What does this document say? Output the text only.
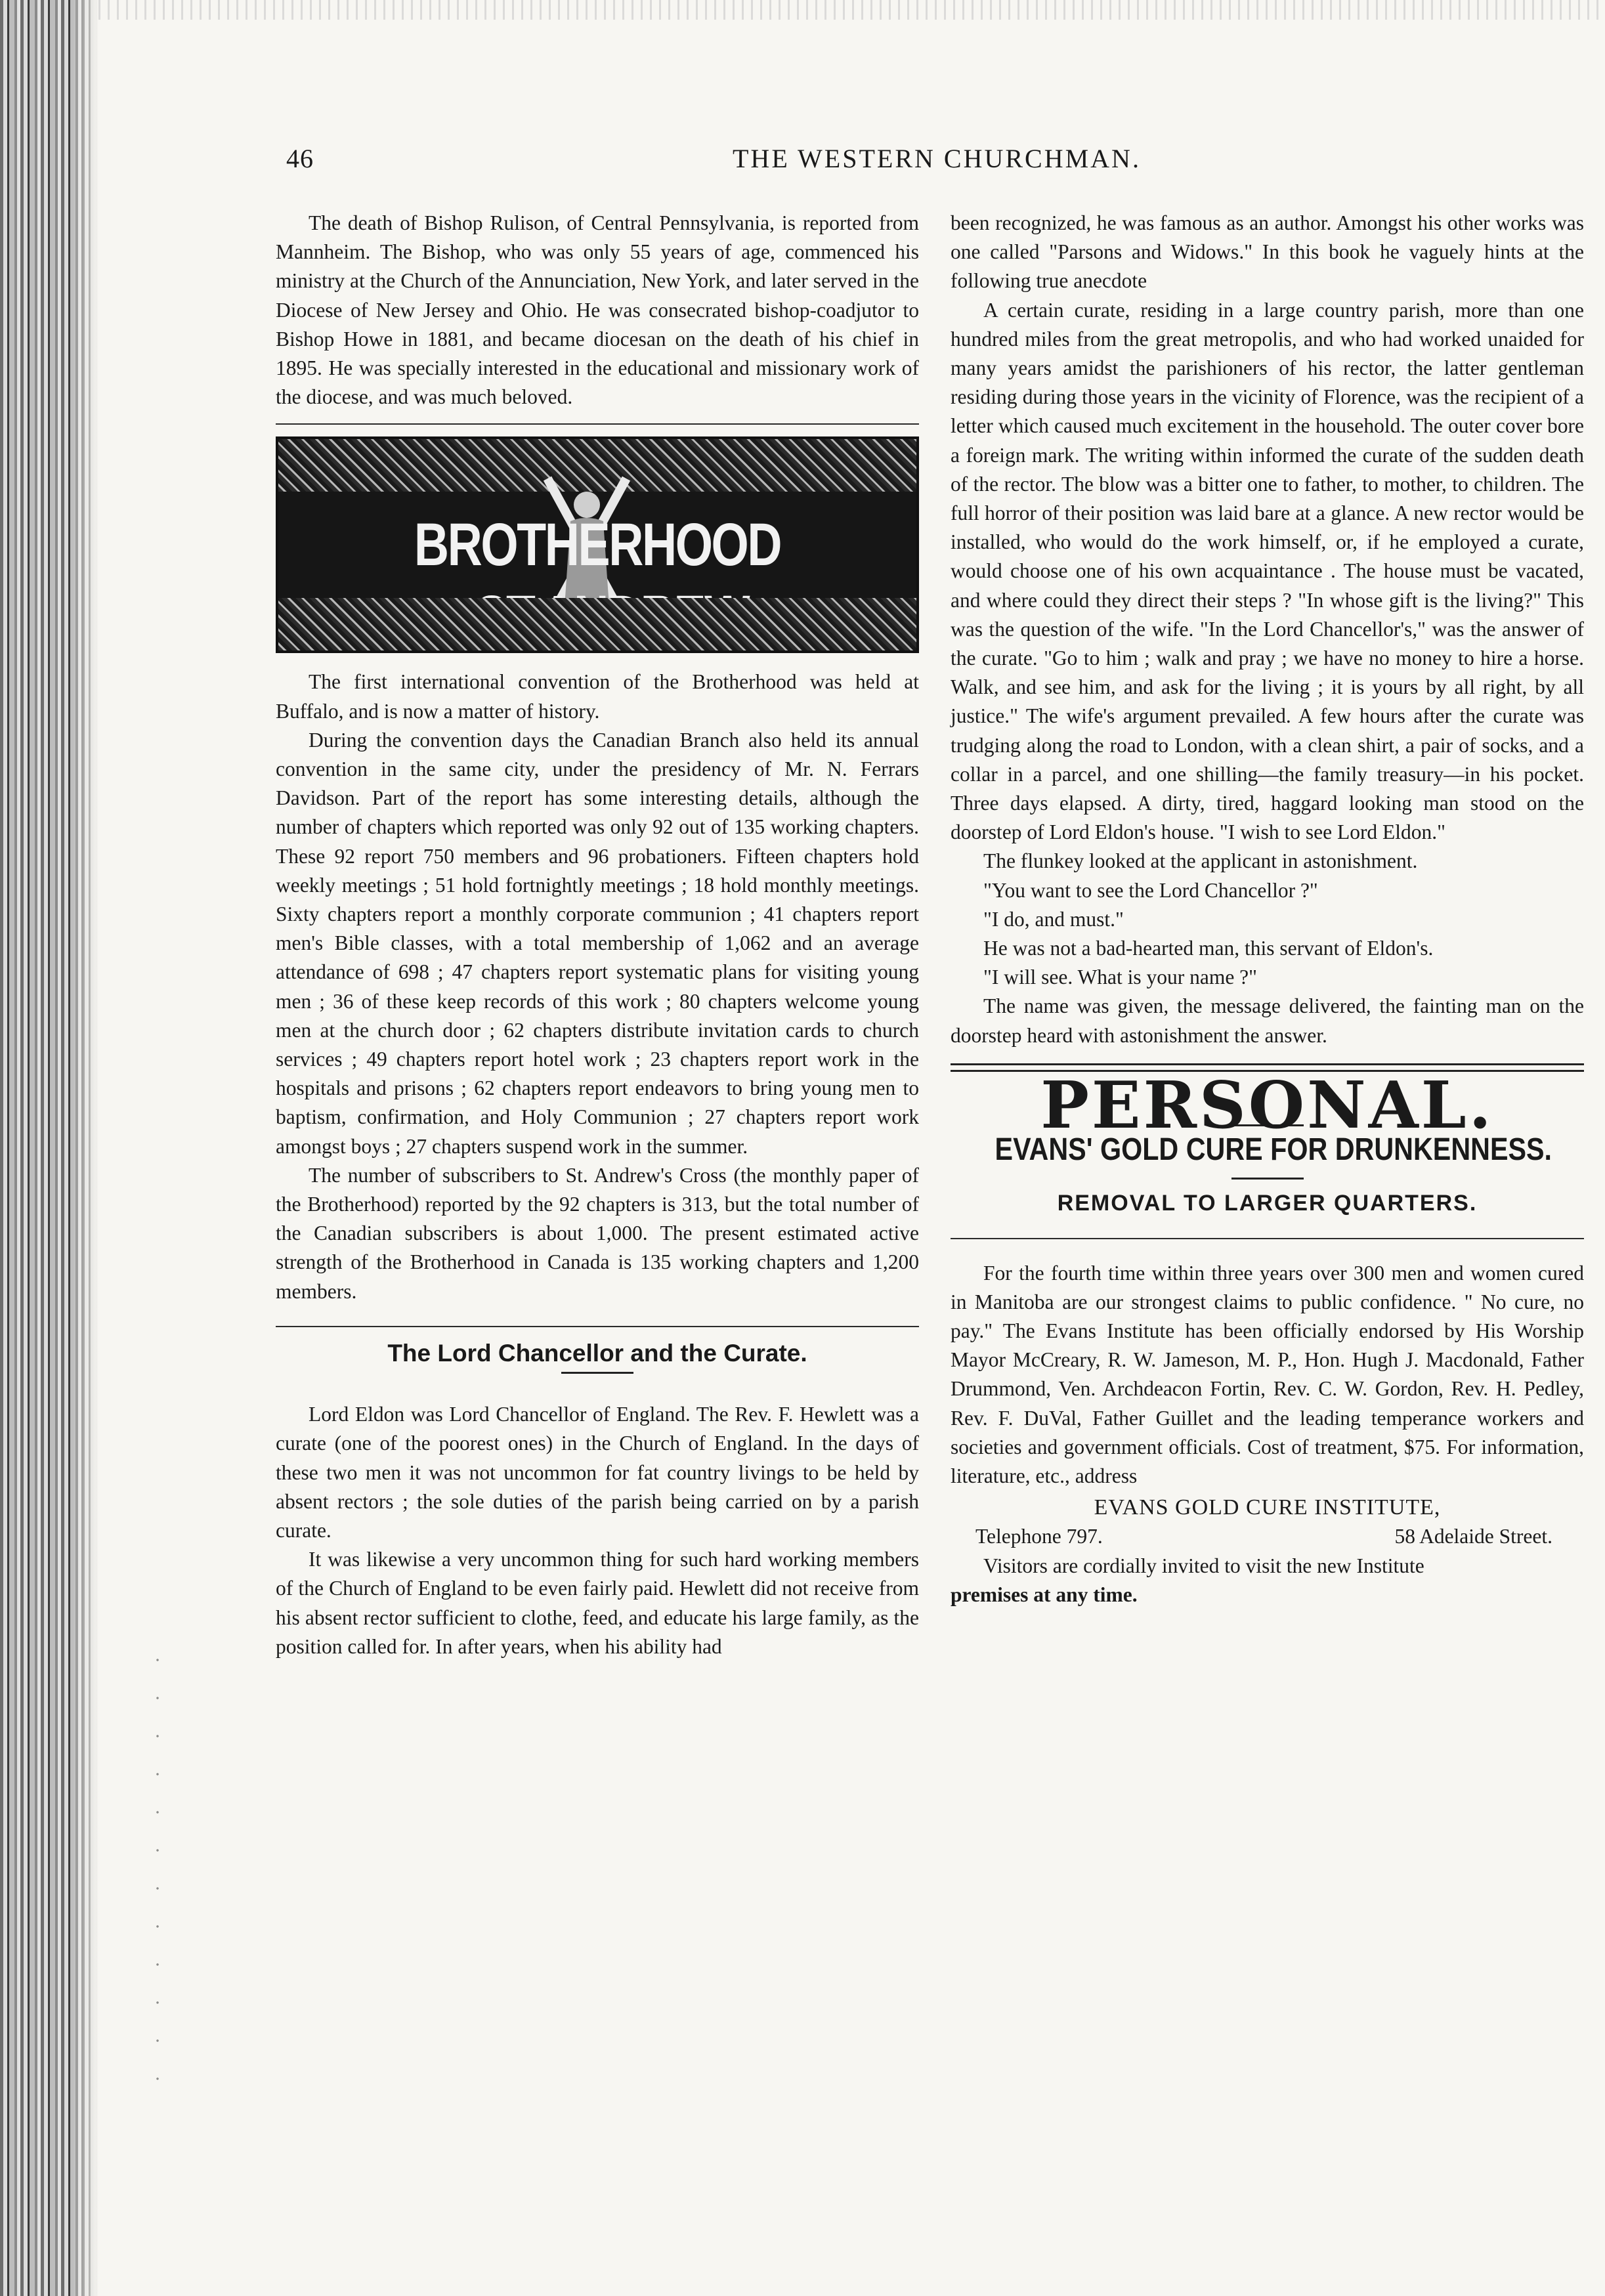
46	THE WESTERN CHURCHMAN.

The death of Bishop Rulison, of Central Pennsylvania, is reported from Mannheim. The Bishop, who was only 55 years of age, commenced his ministry at the Church of the Annunciation, New York, and later served in the Diocese of New Jersey and Ohio. He was consecrated bishop-coadjutor to Bishop Howe in 1881, and became diocesan on the death of his chief in 1895. He was specially interested in the educational and missionary work of the diocese, and was much beloved.

BROTHERHOOD

The first international convention of the Brotherhood was held at Buffalo, and is now a matter of history.

During the convention days the Canadian Branch also held its annual convention in the same city, under the presidency of Mr. N. Ferrars Davidson. Part of the report has some interesting details, although the number of chapters which reported was only 92 out of 135 working chapters. These 92 report 750 members and 96 probationers. Fifteen chapters hold weekly meetings ; 51 hold fortnightly meetings ; 18 hold monthly meetings. Sixty chapters report a monthly corporate communion ; 41 chapters report men's Bible classes, with a total membership of 1,062 and an average attendance of 698 ; 47 chapters report systematic plans for visiting young men ; 36 of these keep records of this work ; 80 chapters welcome young men at the church door ; 62 chapters distribute invitation cards to church services ; 49 chapters report hotel work ; 23 chapters report work in the hospitals and prisons ; 62 chapters report endeavors to bring young men to baptism, confirmation, and Holy Communion ; 27 chapters report work amongst boys ; 27 chapters suspend work in the summer.

The number of subscribers to St. Andrew's Cross (the monthly paper of the Brotherhood) reported by the 92 chapters is 313, but the total number of the Canadian subscribers is about 1,000. The present estimated active strength of the Brotherhood in Canada is 135 working chapters and 1,200 members.

The Lord Chancellor and the Curate.

Lord Eldon was Lord Chancellor of England. The Rev. F. Hewlett was a curate (one of the poorest ones) in the Church of England. In the days of these two men it was not uncommon for fat country livings to be held by absent rectors ; the sole duties of the parish being carried on by a parish curate.

It was likewise a very uncommon thing for such hard working members of the Church of England to be even fairly paid. Hewlett did not receive from his absent rector sufficient to clothe, feed, and educate his large family, as the position called for. In after years, when his ability had

been recognized, he was famous as an author. Amongst his other works was one called "Parsons and Widows." In this book he vaguely hints at the following true anecdote

A certain curate, residing in a large country parish, more than one hundred miles from the great metropolis, and who had worked unaided for many years amidst the parishioners of his rector, the latter gentleman residing during those years in the vicinity of Florence, was the recipient of a letter which caused much excitement in the household. The outer cover bore a foreign mark. The writing within informed the curate of the sudden death of the rector. The blow was a bitter one to father, to mother, to children. The full horror of their position was laid bare at a glance. A new rector would be installed, who would do the work himself, or, if he employed a curate, would choose one of his own acquaintance . The house must be vacated, and where could they direct their steps ? "In whose gift is the living?" This was the question of the wife. "In the Lord Chancellor's," was the answer of the curate. "Go to him ; walk and pray ; we have no money to hire a horse. Walk, and see him, and ask for the living ; it is yours by all right, by all justice." The wife's argument prevailed. A few hours after the curate was trudging along the road to London, with a clean shirt, a pair of socks, and a collar in a parcel, and one shilling—the family treasury—in his pocket. Three days elapsed. A dirty, tired, haggard looking man stood on the doorstep of Lord Eldon's house. "I wish to see Lord Eldon."

The flunkey looked at the applicant in astonishment.

"You want to see the Lord Chancellor ?"

"I do, and must."

He was not a bad-hearted man, this servant of Eldon's.

"I will see. What is your name ?"

The name was given, the message delivered, the fainting man on the doorstep heard with astonishment the answer.

PERSONAL.
EVANS' GOLD CURE FOR DRUNKENNESS.
REMOVAL TO LARGER QUARTERS.

For the fourth time within three years over 300 men and women cured in Manitoba are our strongest claims to public confidence. " No cure, no pay." The Evans Institute has been officially endorsed by His Worship Mayor McCreary, R. W. Jameson, M. P., Hon. Hugh J. Macdonald, Father Drummond, Ven. Archdeacon Fortin, Rev. C. W. Gordon, Rev. H. Pedley, Rev. F. DuVal, Father Guillet and the leading temperance workers and societies and government officials. Cost of treatment, $75. For information, literature, etc., address

EVANS GOLD CURE INSTITUTE,
Telephone 797.	58 Adelaide Street.

Visitors are cordially invited to visit the new Institute

premises at any time.
